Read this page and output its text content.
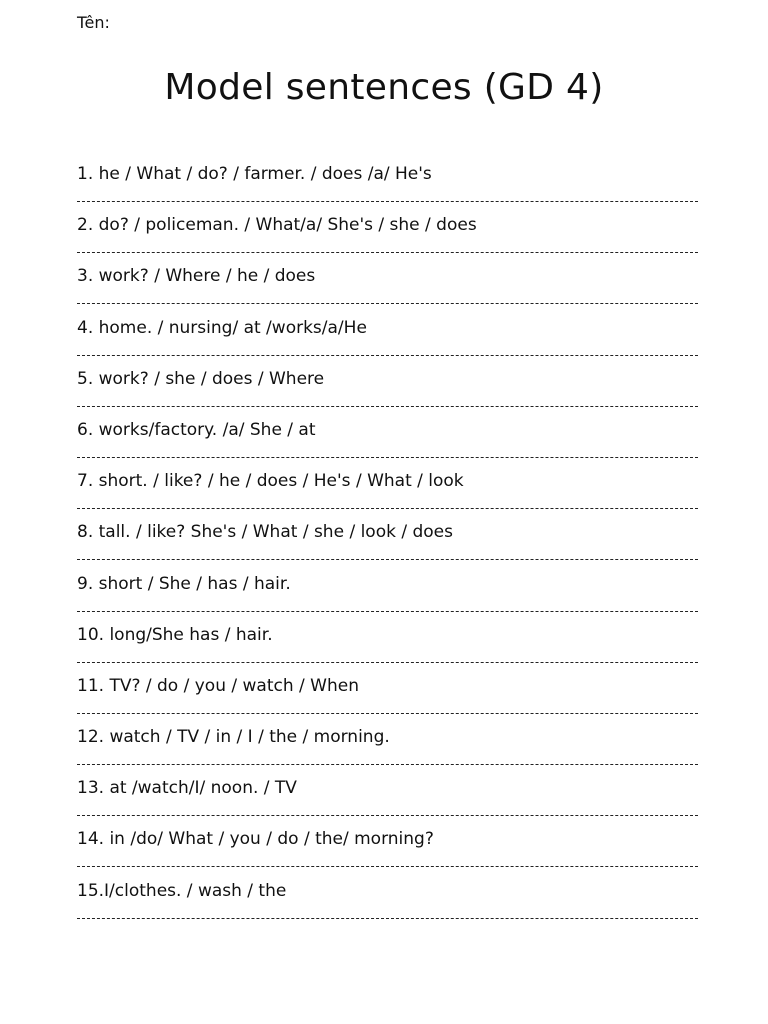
Tên:
Model sentences (GD 4)
1. he / What / do? / farmer. / does /a/ He's
2. do? / policeman. / What/a/ She's / she / does
3. work? / Where / he / does
4. home. / nursing/ at /works/a/He
5. work? / she / does / Where
6. works/factory. /a/ She / at
7. short. / like? / he / does / He's / What / look
8. tall. / like? She's / What / she / look / does
9. short / She / has / hair.
10. long/She has / hair.
11. TV? / do / you / watch / When
12. watch / TV / in / I / the / morning.
13. at /watch/I/ noon. / TV
14. in /do/ What / you / do / the/ morning?
15.I/clothes. / wash / the
